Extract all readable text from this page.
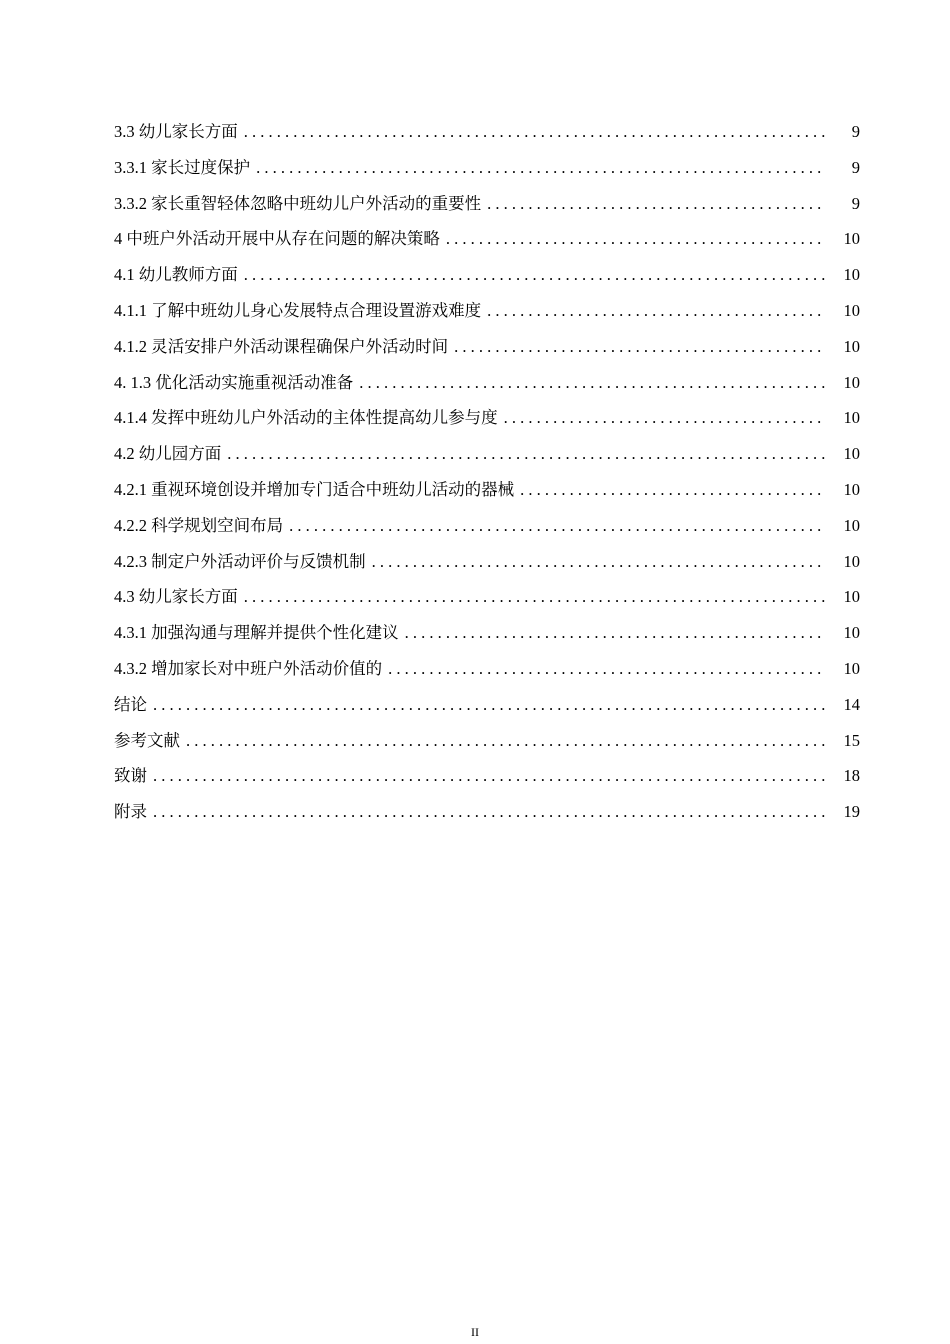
3.3 幼儿家长方面 . . .	9
3.3.1 家长过度保护 . . .	9
3.3.2 家长重智轻体忽略中班幼儿户外活动的重要性 . . .	9
4 中班户外活动开展中从存在问题的解决策略 . . .	10
4.1 幼儿教师方面 . . .	10
4.1.1 了解中班幼儿身心发展特点合理设置游戏难度 . . .	10
4.1.2 灵活安排户外活动课程确保户外活动时间 . . .	10
4. 1.3 优化活动实施重视活动准备 . . .	10
4.1.4 发挥中班幼儿户外活动的主体性提高幼儿参与度 . . .	10
4.2 幼儿园方面 . . .	10
4.2.1 重视环境创设并增加专门适合中班幼儿活动的器械 . . .	10
4.2.2 科学规划空间布局 . . .	10
4.2.3 制定户外活动评价与反馈机制 . . .	10
4.3 幼儿家长方面 . . .	10
4.3.1 加强沟通与理解并提供个性化建议 . . .	10
4.3.2 增加家长对中班户外活动价值的 . . .	10
结论 . . .	14
参考文献 . . .	15
致谢 . . .	18
附录 . . .	19
II
